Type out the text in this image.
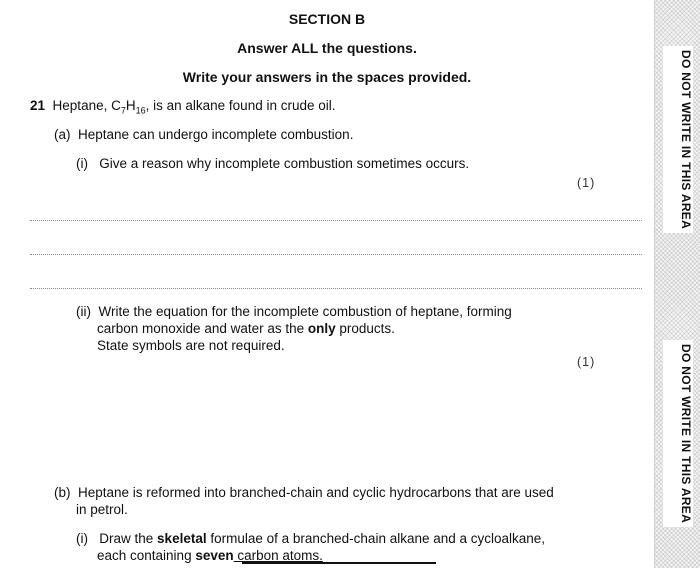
SECTION B
Answer ALL the questions.
Write your answers in the spaces provided.
21 Heptane, $C_7H_{16}$, is an alkane found in crude oil.
(a) Heptane can undergo incomplete combustion.
(i) Give a reason why incomplete combustion sometimes occurs.
(1)
(ii) Write the equation for the incomplete combustion of heptane, forming
carbon monoxide and water as the only products.
State symbols are not required.
(1)
(b) Heptane is reformed into branched-chain and cyclic hydrocarbons that are used
in petrol.
(i) Draw the skeletal formulae of a branched-chain alkane and a cycloalkane,
each containing seven carbon atoms.
DO NOT WRITE IN THIS AREA
DO NOT WRITE IN THIS AREA
